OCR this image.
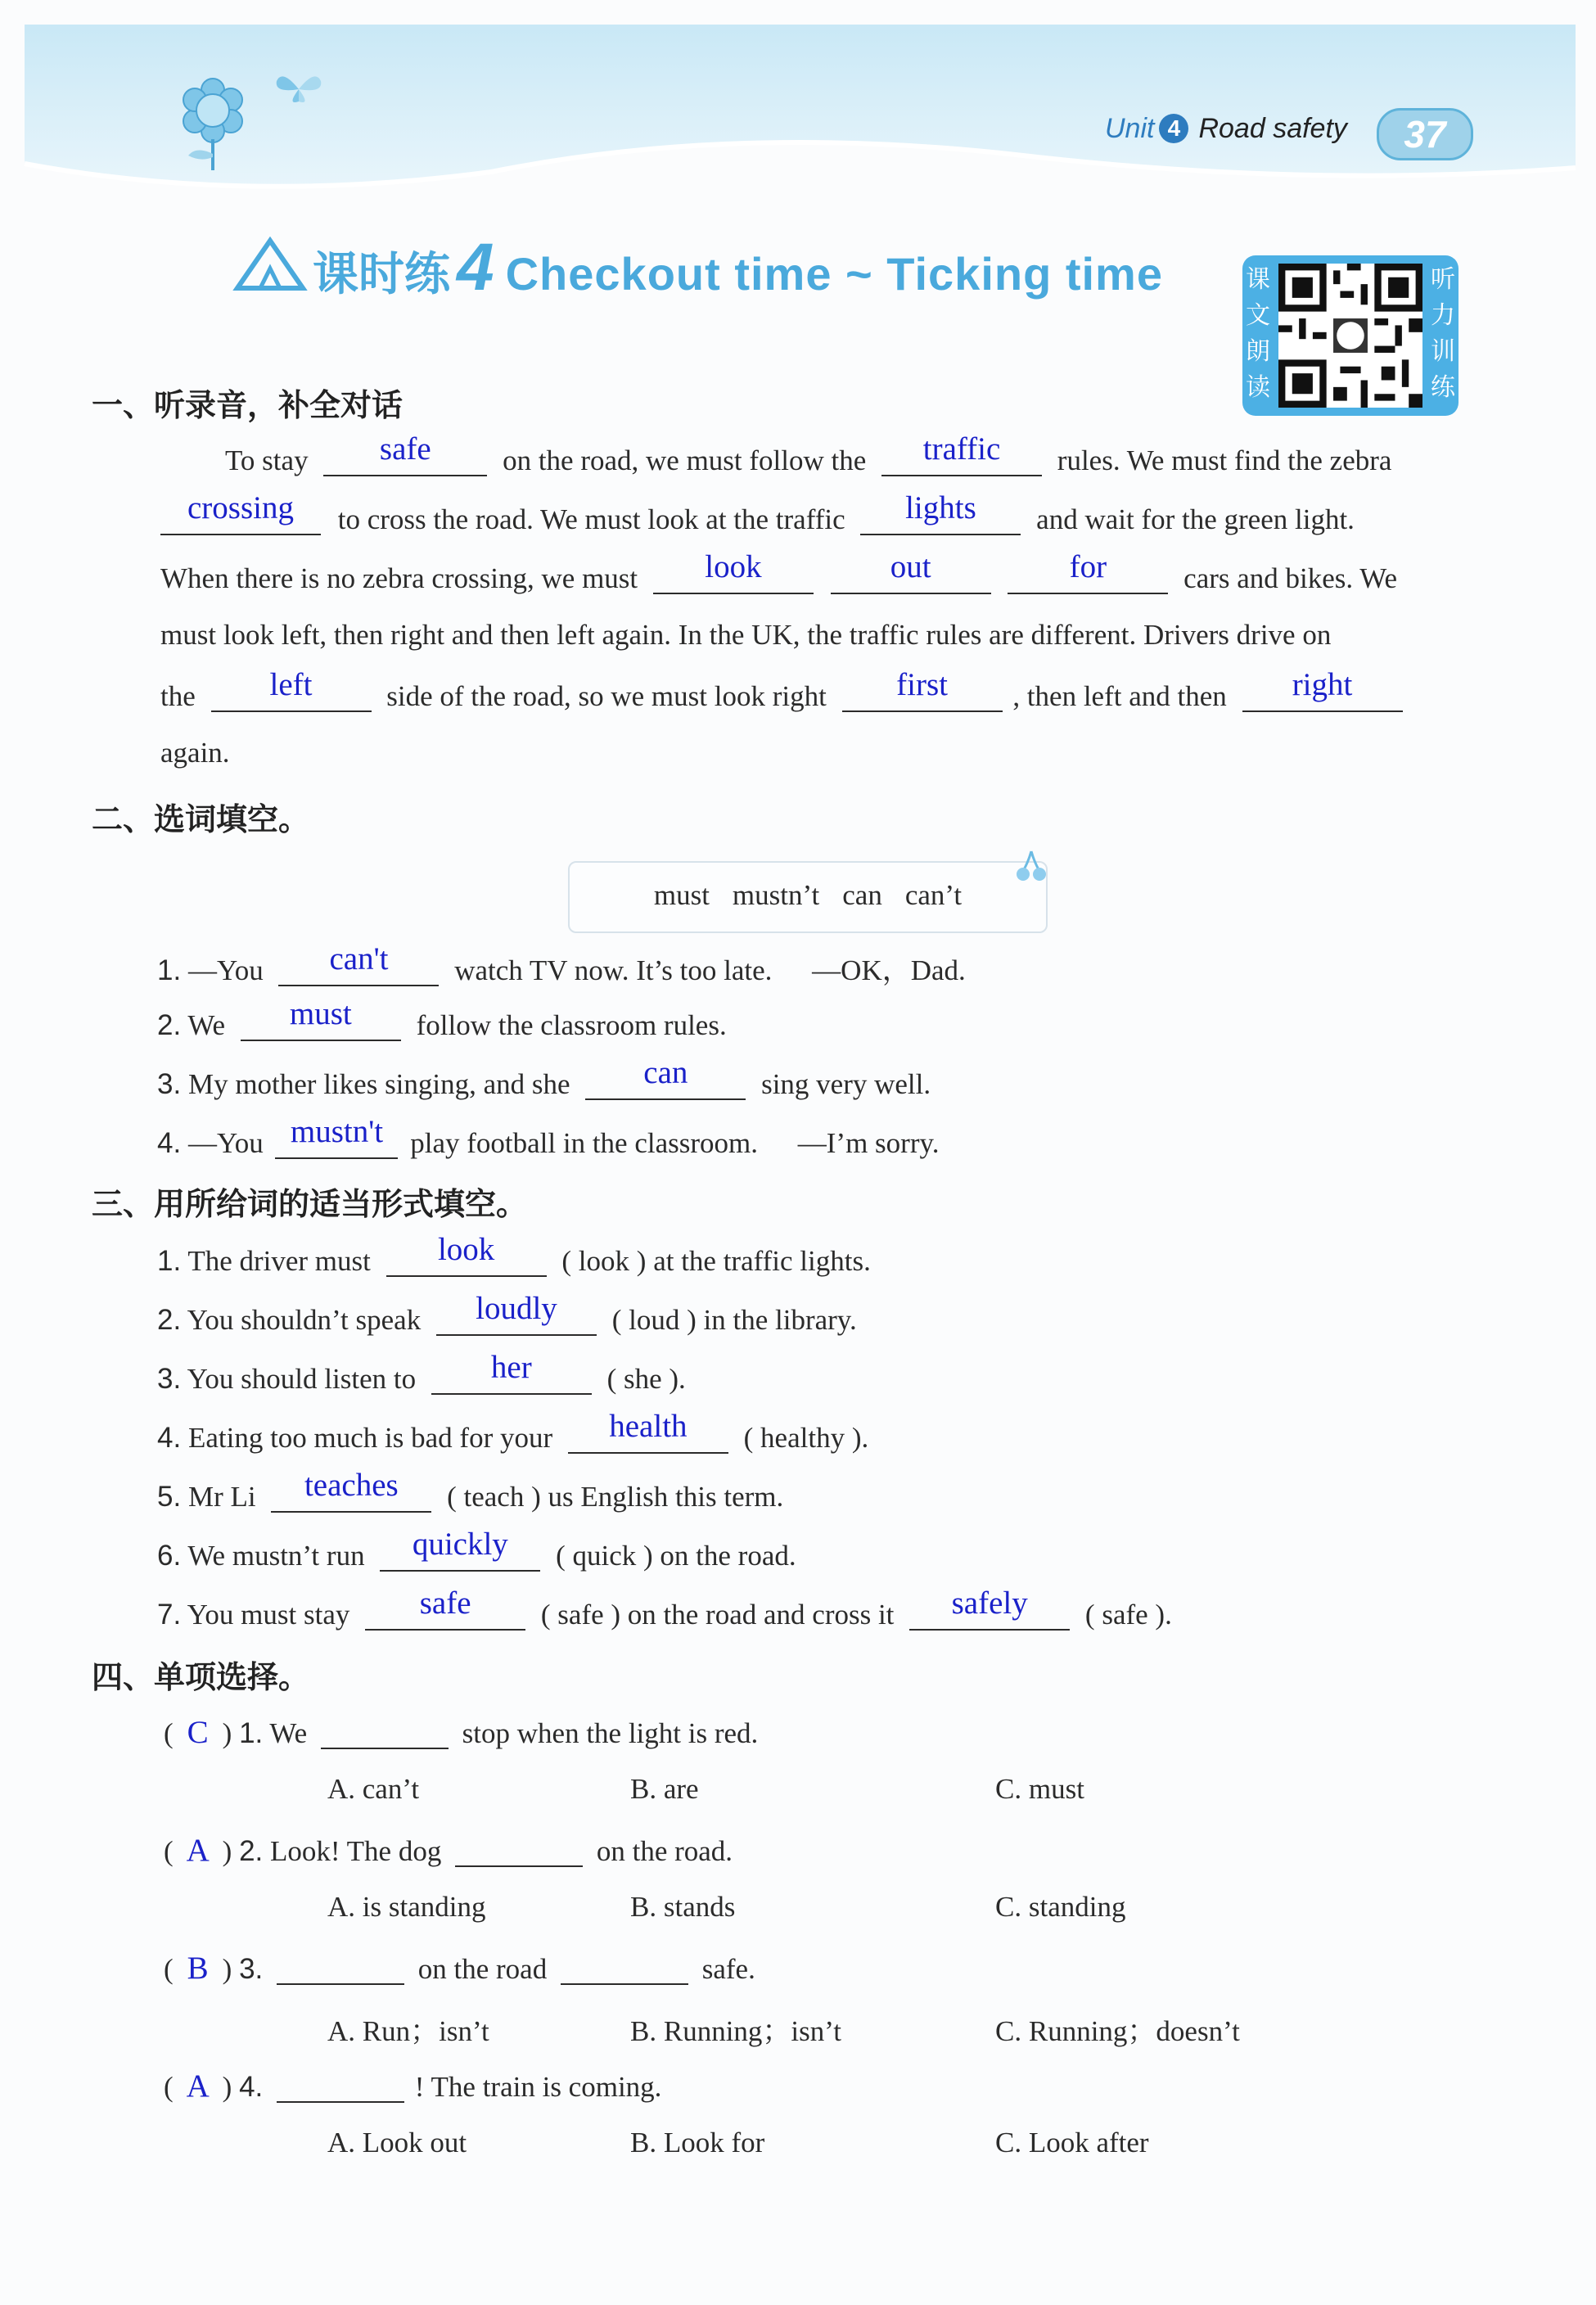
Unit 4 Road safety	37
课时练4 Checkout time ~ Ticking time	课
文
朗
读
听
力
训
练
一、听录音，补全对话
To stay	safe	on the road, we must follow the	traffic	rules. We must find the zebra
crossing	to cross the road. We must look at the traffic	lights	and wait for the green light.
When there is no zebra crossing, we must	look
	out
	for	cars and bikes. We
must look left, then right and then left again. In the UK, the traffic rules are different. Drivers drive on
the	left	side of the road, so we must look right	first	, then left and then	right
again.
二、选词填空。
must mustn’t can can’t
1. —You	can't	watch TV now. It’s too late. —OK，Dad.
2. We	must	follow the classroom rules.
3. My mother likes singing, and she	can	sing very well.
4. —You mustn't play football in the classroom. —I’m sorry.
三、用所给词的适当形式填空。
1. The driver must	look	( look ) at the traffic lights.
2. You shouldn’t speak	loudly	( loud ) in the library.
3. You should listen to	her	( she ).
4. Eating too much is bad for your	health	( healthy ).
5. Mr Li	teaches	( teach ) us English this term.
6. We mustn’t run	quickly	( quick ) on the road.
7. You must stay	safe	( safe ) on the road and cross it	safely	( safe ).
四、单项选择。
( C ) 1. We	stop when the light is red.
A. can’t	B. are	C. must
( A ) 2. Look! The dog	on the road.
A. is standing	B. stands	C. standing
( B ) 3.	on the road	safe.
A. Run；isn’t	B. Running；isn’t	C. Running；doesn’t
( A ) 4.	! The train is coming.
A. Look out	B. Look for	C. Look after
